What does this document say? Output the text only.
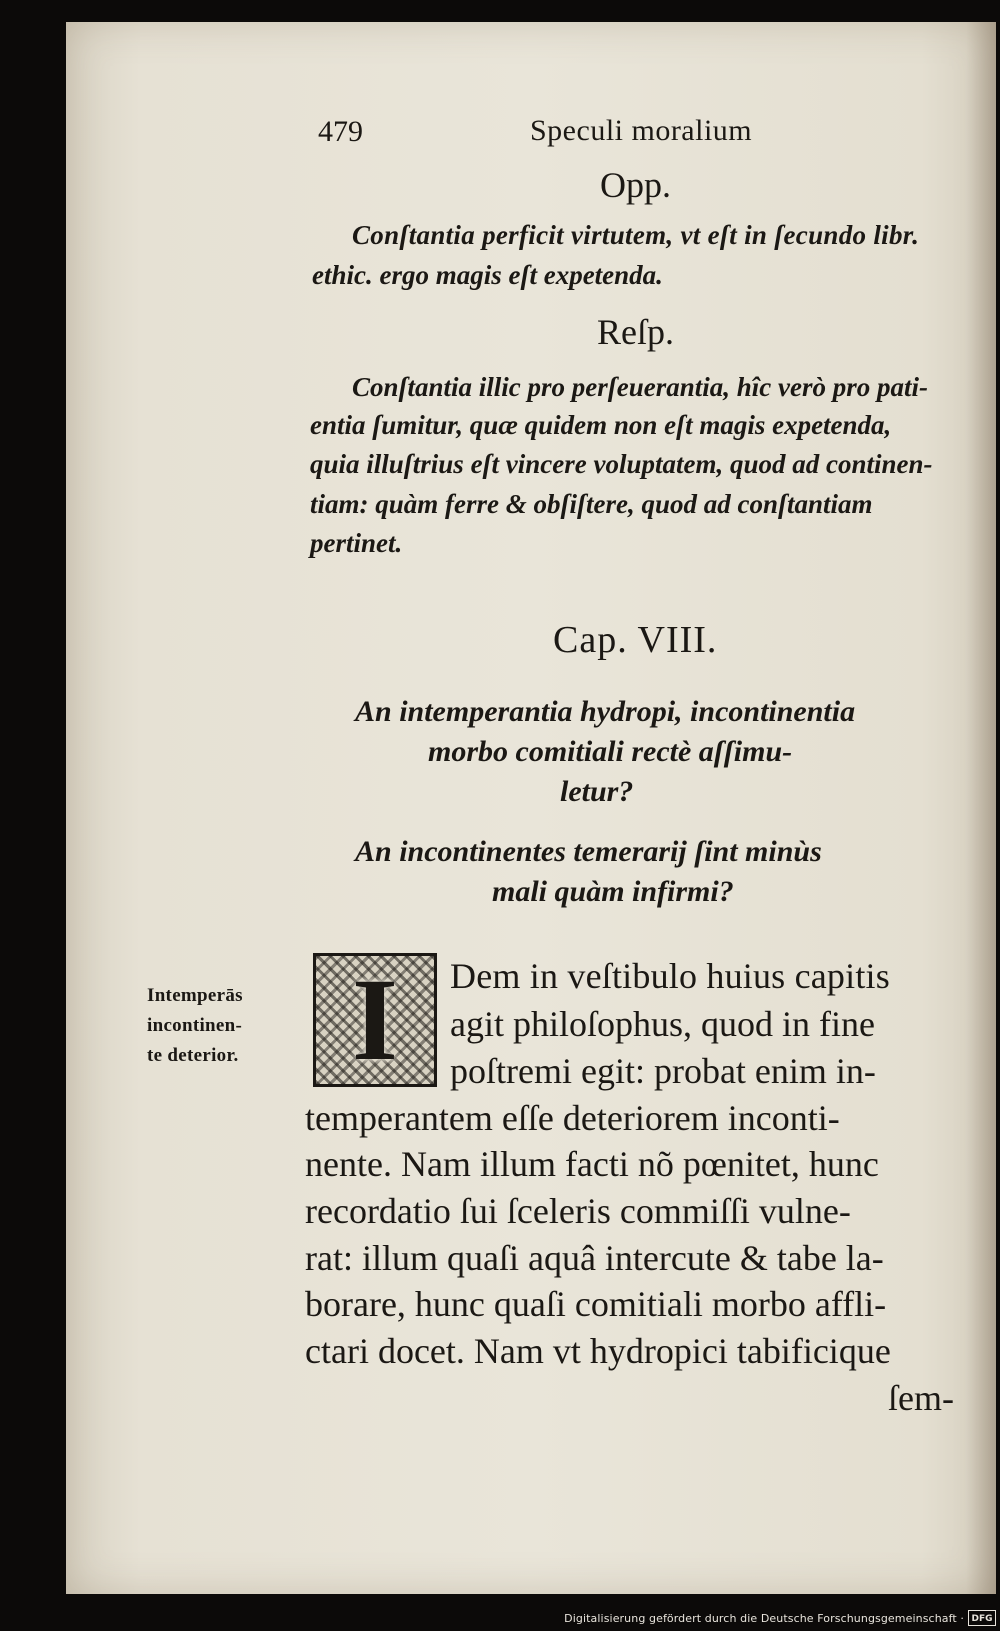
479	Speculi moralium
Opp.
Conſtantia perficit virtutem, vt eſt in ſecundo libr.
ethic. ergo magis eſt expetenda.
Reſp.
Conſtantia illic pro perſeuerantia, hîc verò pro pati-
entia ſumitur, quæ quidem non eſt magis expetenda,
quia illuſtrius eſt vincere voluptatem, quod ad continen-
tiam: quàm ferre & obſiſtere, quod ad conſtantiam
pertinet.
Cap. VIII.
An intemperantia hydropi, incontinentia
morbo comitiali rectè aſſimu-
letur?
An incontinentes temerarij ſint minùs
mali quàm infirmi?
Intemperās
incontinen-
te deterior. I	Dem in veſtibulo huius capitis
agit philoſophus, quod in fine
poſtremi egit: probat enim in-
temperantem eſſe deteriorem inconti-
nente. Nam illum facti nõ pœnitet, hunc
recordatio ſui ſceleris commiſſi vulne-
rat: illum quaſi aquâ intercute & tabe la-
borare, hunc quaſi comitiali morbo affli-
ctari docet. Nam vt hydropici tabificique
ſem-
Digitalisierung gefördert durch die Deutsche Forschungsgemeinschaft · DFG
